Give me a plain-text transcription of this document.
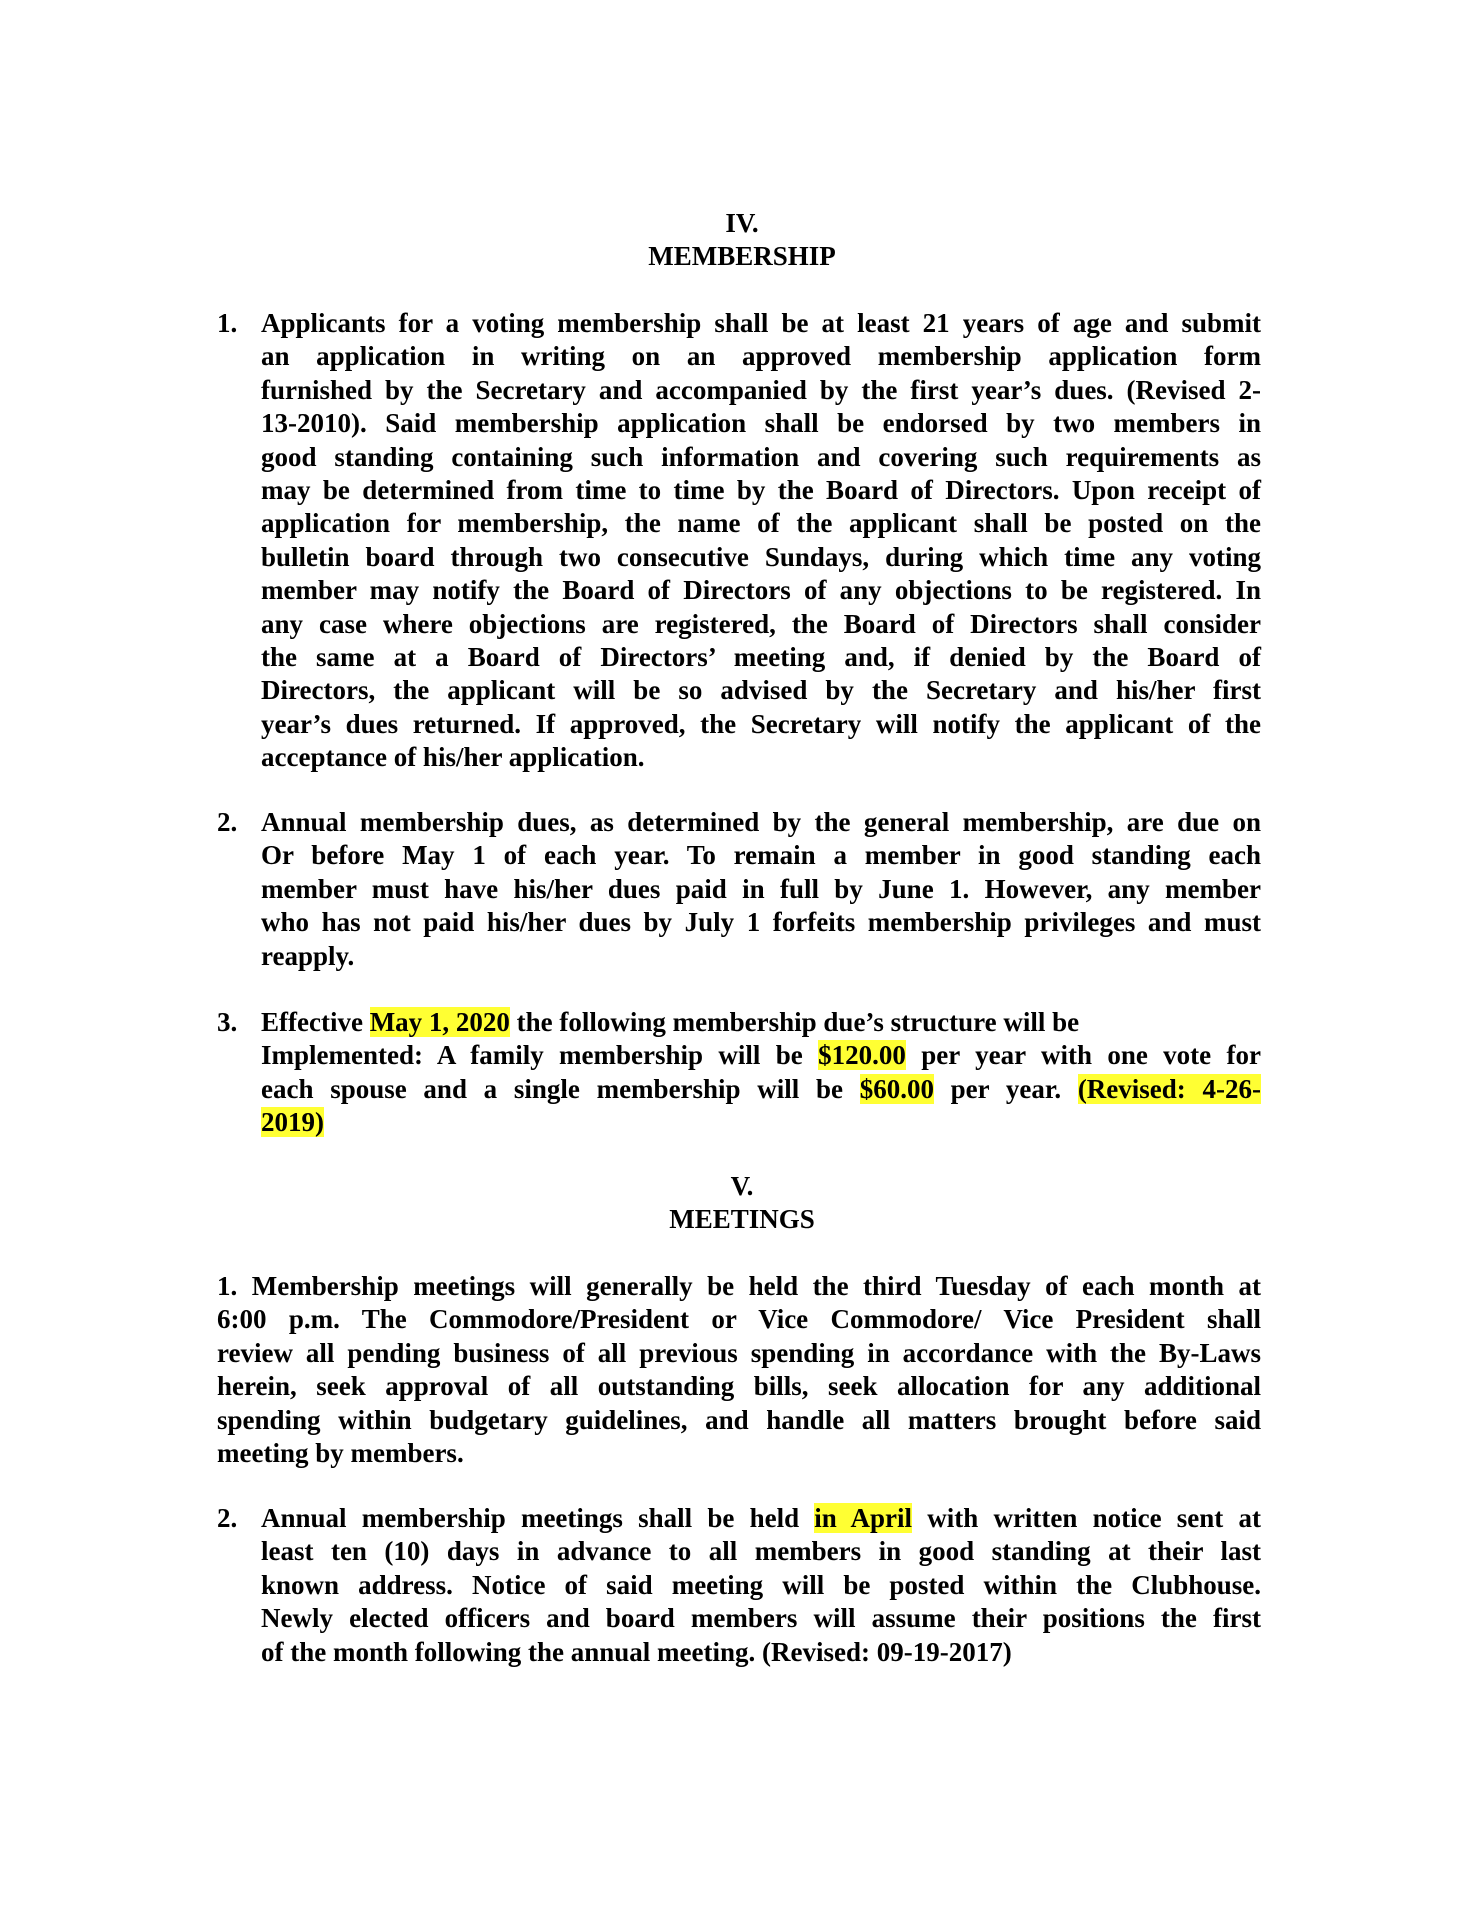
IV.
MEMBERSHIP
1. Applicants for a voting membership shall be at least 21 years of age and submit
an application in writing on an approved membership application form
furnished by the Secretary and accompanied by the first year’s dues. (Revised 2-
13-2010). Said membership application shall be endorsed by two members in
good standing containing such information and covering such requirements as
may be determined from time to time by the Board of Directors. Upon receipt of
application for membership, the name of the applicant shall be posted on the
bulletin board through two consecutive Sundays, during which time any voting
member may notify the Board of Directors of any objections to be registered. In
any case where objections are registered, the Board of Directors shall consider
the same at a Board of Directors’ meeting and, if denied by the Board of
Directors, the applicant will be so advised by the Secretary and his/her first
year’s dues returned. If approved, the Secretary will notify the applicant of the
acceptance of his/her application.
2. Annual membership dues, as determined by the general membership, are due on
Or before May 1 of each year. To remain a member in good standing each
member must have his/her dues paid in full by June 1. However, any member
who has not paid his/her dues by July 1 forfeits membership privileges and must
reapply.
3. Effective May 1, 2020 the following membership due’s structure will be
Implemented: A family membership will be $120.00 per year with one vote for
each spouse and a single membership will be $60.00 per year. (Revised: 4-26-
2019)
V.
MEETINGS
1. Membership meetings will generally be held the third Tuesday of each month at
6:00 p.m. The Commodore/President or Vice Commodore/ Vice President shall
review all pending business of all previous spending in accordance with the By-Laws
herein, seek approval of all outstanding bills, seek allocation for any additional
spending within budgetary guidelines, and handle all matters brought before said
meeting by members.
2. Annual membership meetings shall be held in April with written notice sent at
least ten (10) days in advance to all members in good standing at their last
known address. Notice of said meeting will be posted within the Clubhouse.
Newly elected officers and board members will assume their positions the first
of the month following the annual meeting. (Revised: 09-19-2017)
